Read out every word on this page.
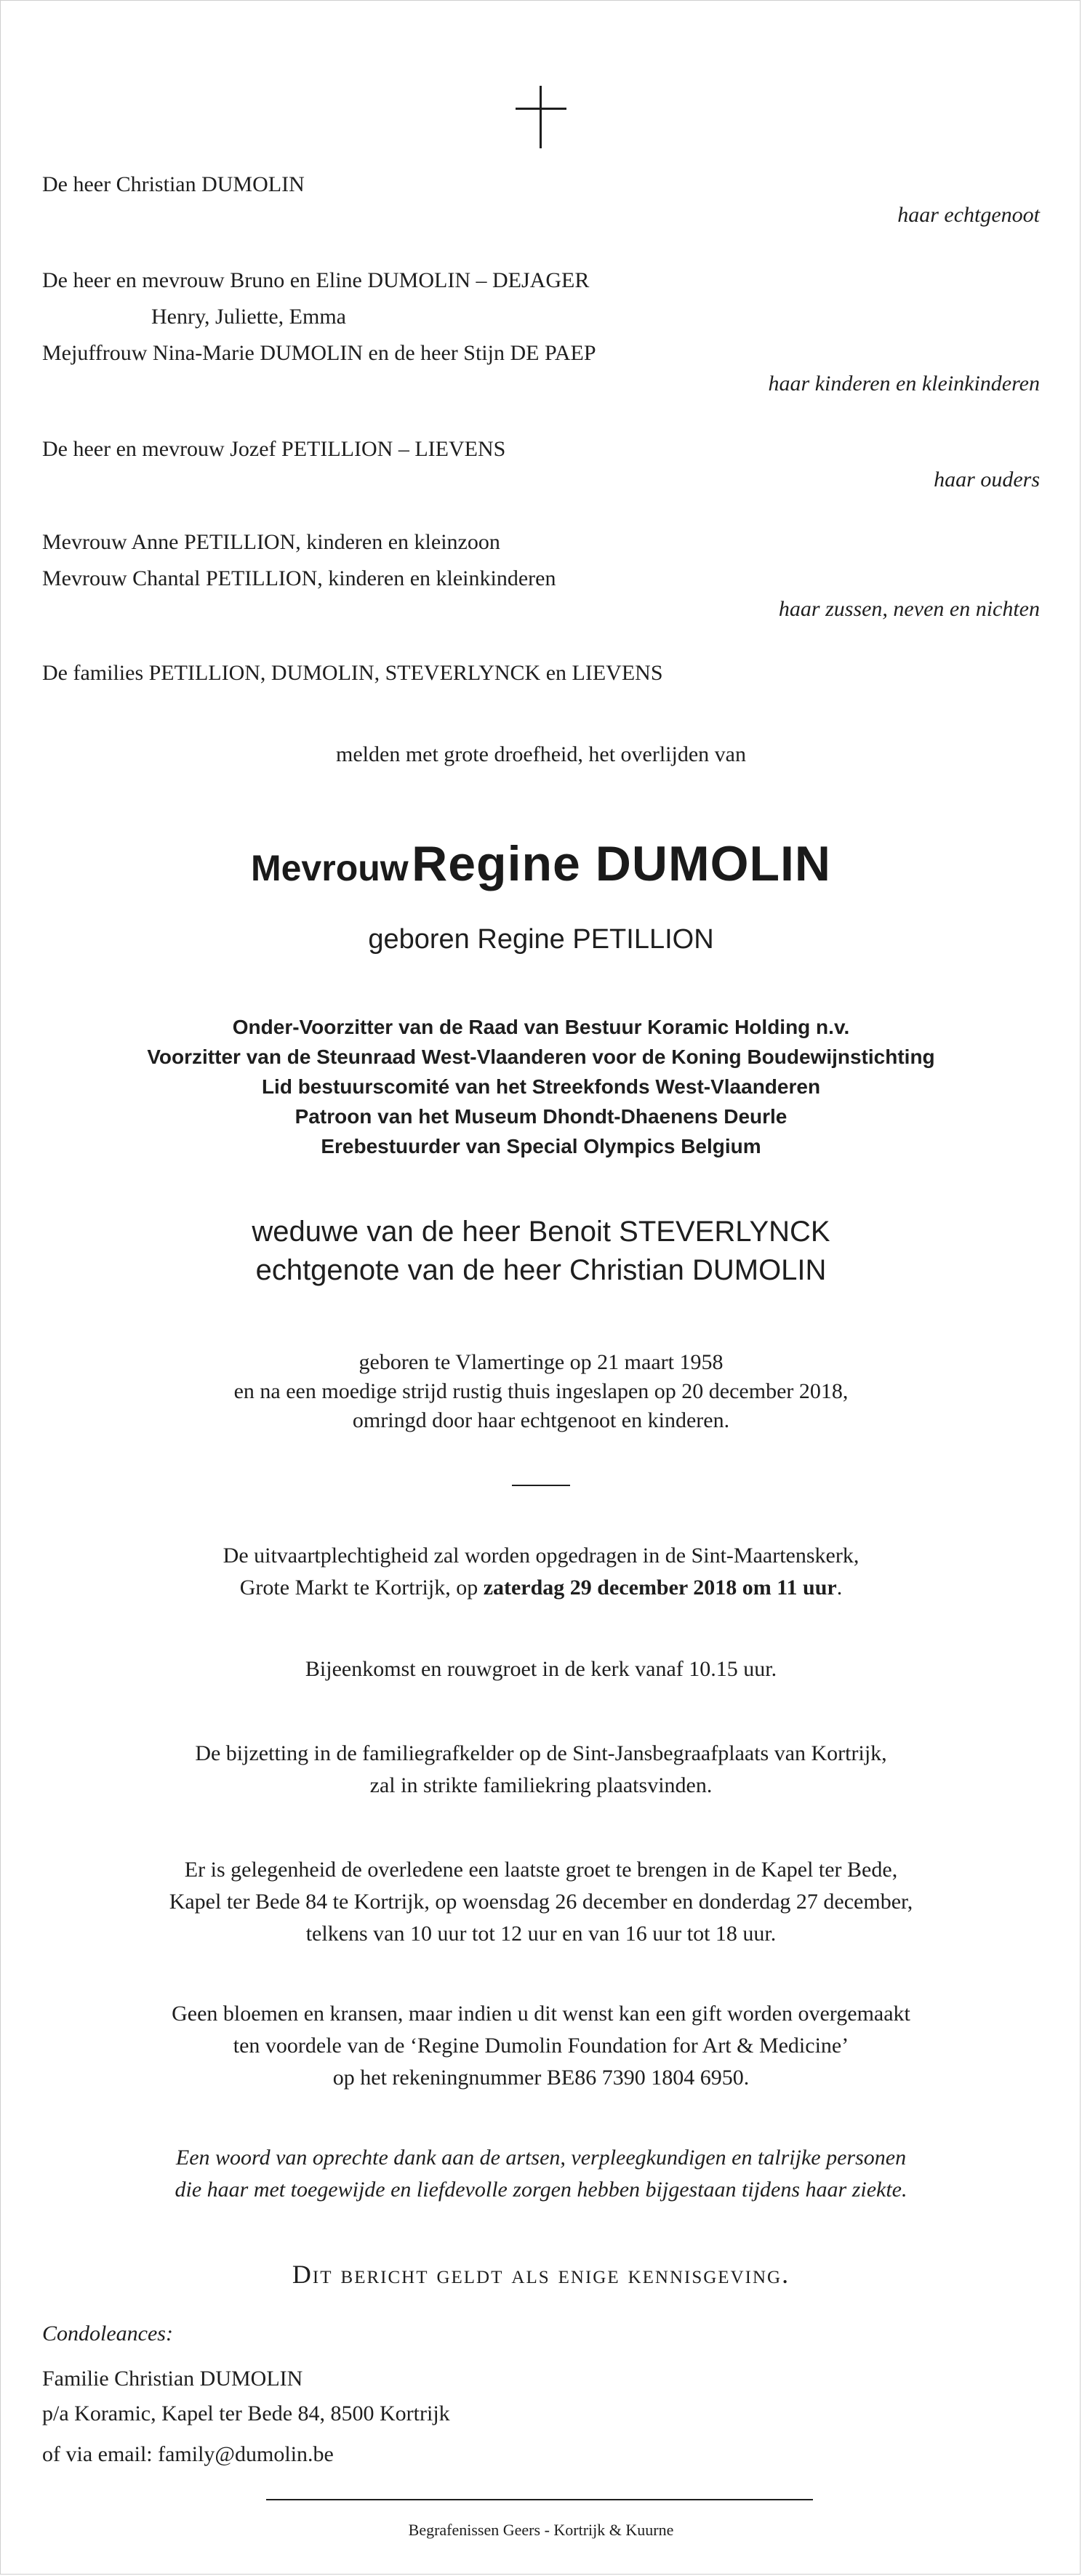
De heer Christian DUMOLIN
haar echtgenoot
De heer en mevrouw Bruno en Eline DUMOLIN – DEJAGER
Henry, Juliette, Emma
Mejuffrouw Nina-Marie DUMOLIN en de heer Stijn DE PAEP
haar kinderen en kleinkinderen
De heer en mevrouw Jozef PETILLION – LIEVENS
haar ouders
Mevrouw Anne PETILLION, kinderen en kleinzoon
Mevrouw Chantal PETILLION, kinderen en kleinkinderen
haar zussen, neven en nichten
De families PETILLION, DUMOLIN, STEVERLYNCK en LIEVENS
melden met grote droefheid, het overlijden van
Mevrouw Regine DUMOLIN
geboren Regine PETILLION
Onder-Voorzitter van de Raad van Bestuur Koramic Holding n.v.
Voorzitter van de Steunraad West-Vlaanderen voor de Koning Boudewijnstichting
Lid bestuurscomité van het Streekfonds West-Vlaanderen
Patroon van het Museum Dhondt-Dhaenens Deurle
Erebestuurder van Special Olympics Belgium
weduwe van de heer Benoit STEVERLYNCK
echtgenote van de heer Christian DUMOLIN
geboren te Vlamertinge op 21 maart 1958
en na een moedige strijd rustig thuis ingeslapen op 20 december 2018,
omringd door haar echtgenoot en kinderen.
De uitvaartplechtigheid zal worden opgedragen in de Sint-Maartenskerk,
Grote Markt te Kortrijk, op zaterdag 29 december 2018 om 11 uur.
Bijeenkomst en rouwgroet in de kerk vanaf 10.15 uur.
De bijzetting in de familiegrafkelder op de Sint-Jansbegraafplaats van Kortrijk,
zal in strikte familiekring plaatsvinden.
Er is gelegenheid de overledene een laatste groet te brengen in de Kapel ter Bede,
Kapel ter Bede 84 te Kortrijk, op woensdag 26 december en donderdag 27 december,
telkens van 10 uur tot 12 uur en van 16 uur tot 18 uur.
Geen bloemen en kransen, maar indien u dit wenst kan een gift worden overgemaakt
ten voordele van de ‘Regine Dumolin Foundation for Art & Medicine’
op het rekeningnummer BE86 7390 1804 6950.
Een woord van oprechte dank aan de artsen, verpleegkundigen en talrijke personen
die haar met toegewijde en liefdevolle zorgen hebben bijgestaan tijdens haar ziekte.
Dit bericht geldt als enige kennisgeving.
Condoleances:
Familie Christian DUMOLIN
p/a Koramic, Kapel ter Bede 84, 8500 Kortrijk
of via email: family@dumolin.be
Begrafenissen Geers - Kortrijk & Kuurne
